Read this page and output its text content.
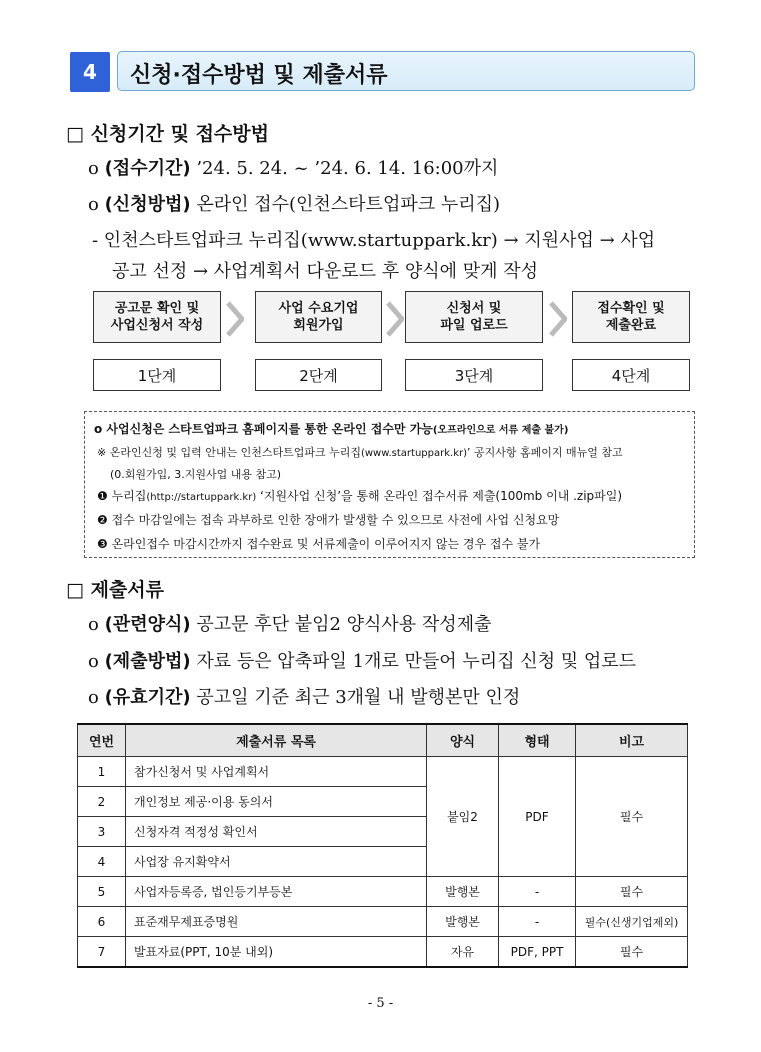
4	신청·접수방법 및 제출서류
□ 신청기간 및 접수방법
o (접수기간) ’24. 5. 24. ~ ’24. 6. 14. 16:00까지
o (신청방법) 온라인 접수(인천스타트업파크 누리집)
- 인천스타트업파크 누리집(www.startuppark.kr) → 지원사업 → 사업
공고 선정 → 사업계획서 다운로드 후 양식에 맞게 작성
공고문 확인 및
사업신청서 작성
사업 수요기업
회원가입
신청서 및
파일 업로드
접수확인 및
제출완료
1단계	2단계	3단계	4단계
o 사업신청은 스타트업파크 홈페이지를 통한 온라인 접수만 가능(오프라인으로 서류 제출 불가)
※ 온라인신청 및 입력 안내는 인천스타트업파크 누리집(www.startuppark.kr)’ 공지사항 홈페이지 매뉴얼 참고
(0.회원가입, 3.지원사업 내용 참고)
❶ 누리집(http://startuppark.kr) ‘지원사업 신청’을 통해 온라인 접수서류 제출(100mb 이내 .zip파일)
❷ 접수 마감일에는 접속 과부하로 인한 장애가 발생할 수 있으므로 사전에 사업 신청요망
❸ 온라인접수 마감시간까지 접수완료 및 서류제출이 이루어지지 않는 경우 접수 불가
□ 제출서류
o (관련양식) 공고문 후단 붙임2 양식사용 작성제출
o (제출방법) 자료 등은 압축파일 1개로 만들어 누리집 신청 및 업로드
o (유효기간) 공고일 기준 최근 3개월 내 발행본만 인정
연번	제출서류 목록	양식	형태	비고
1	참가신청서 및 사업계획서	붙임2	PDF	필수
2	개인정보 제공·이용 동의서			
3	신청자격 적정성 확인서			
4	사업장 유지확약서			
5	사업자등록증, 법인등기부등본	발행본	-	필수
6	표준재무제표증명원	발행본	-	필수(신생기업제외)
7	발표자료(PPT, 10분 내외)	자유	PDF, PPT	필수
- 5 -
